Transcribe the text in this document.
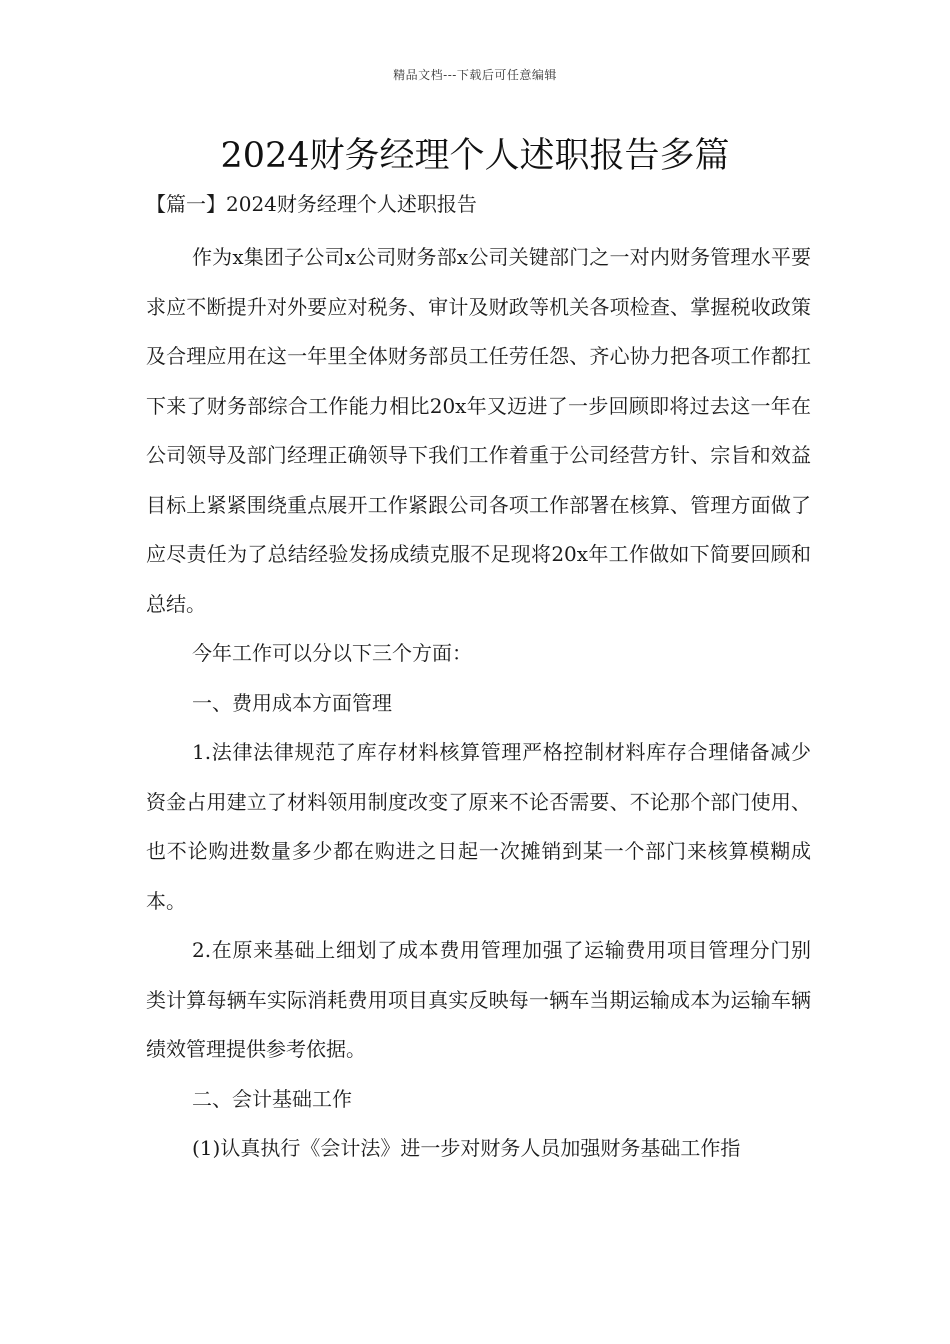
精品文档---下载后可任意编辑
2024财务经理个人述职报告多篇
【篇一】2024财务经理个人述职报告

作为x集团子公司x公司财务部x公司关键部门之一对内财务管理水平要求应不断提升对外要应对税务、审计及财政等机关各项检查、掌握税收政策及合理应用在这一年里全体财务部员工任劳任怨、齐心协力把各项工作都扛下来了财务部综合工作能力相比20x年又迈进了一步回顾即将过去这一年在公司领导及部门经理正确领导下我们工作着重于公司经营方针、宗旨和效益目标上紧紧围绕重点展开工作紧跟公司各项工作部署在核算、管理方面做了应尽责任为了总结经验发扬成绩克服不足现将20x年工作做如下简要回顾和总结。

今年工作可以分以下三个方面：

一、费用成本方面管理

1.法律法律规范了库存材料核算管理严格控制材料库存合理储备减少资金占用建立了材料领用制度改变了原来不论否需要、不论那个部门使用、也不论购进数量多少都在购进之日起一次摊销到某一个部门来核算模糊成本。

2.在原来基础上细划了成本费用管理加强了运输费用项目管理分门别类计算每辆车实际消耗费用项目真实反映每一辆车当期运输成本为运输车辆绩效管理提供参考依据。

二、会计基础工作

(1)认真执行《会计法》进一步对财务人员加强财务基础工作指
